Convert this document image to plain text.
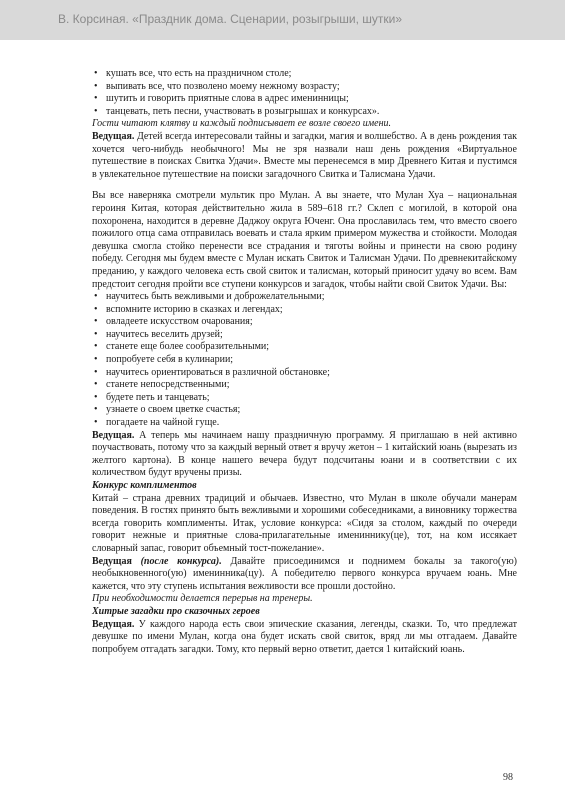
В. Корсиная. «Праздник дома. Сценарии, розыгрыши, шутки»
• кушать все, что есть на праздничном столе;
• выпивать все, что позволено моему нежному возрасту;
• шутить и говорить приятные слова в адрес именинницы;
• танцевать, петь песни, участвовать в розыгрышах и конкурсах».

Гости читают клятву и каждый подписывает ее возле своего имени.

Ведущая. Детей всегда интересовали тайны и загадки, магия и волшебство. А в день рождения так хочется чего-нибудь необычного! Мы не зря назвали наш день рождения «Виртуальное путешествие в поисках Свитка Удачи». Вместе мы перенесемся в мир Древнего Китая и пустимся в увлекательное путешествие на поиски загадочного Свитка и Талисмана Удачи.

Вы все наверняка смотрели мультик про Мулан. А вы знаете, что Мулан Хуа – национальная героиня Китая, которая действительно жила в 589–618 гг.? Склеп с могилой, в которой она похоронена, находится в деревне Даджоу округа Юченг. Она прославилась тем, что вместо своего пожилого отца сама отправилась воевать и стала ярким примером мужества и стойкости. Молодая девушка смогла стойко перенести все страдания и тяготы войны и принести на свою родину победу. Сегодня мы будем вместе с Мулан искать Свиток и Талисман Удачи. По древнекитайскому преданию, у каждого человека есть свой свиток и талисман, который приносит удачу во всем. Вам предстоит сегодня пройти все ступени конкурсов и загадок, чтобы найти свой Свиток Удачи. Вы:

• научитесь быть вежливыми и доброжелательными;
• вспомните историю в сказках и легендах;
• овладеете искусством очарования;
• научитесь веселить друзей;
• станете еще более сообразительными;
• попробуете себя в кулинарии;
• научитесь ориентироваться в различной обстановке;
• станете непосредственными;
• будете петь и танцевать;
• узнаете о своем цветке счастья;
• погадаете на чайной гуще.

Ведущая. А теперь мы начинаем нашу праздничную программу. Я приглашаю в ней активно поучаствовать, потому что за каждый верный ответ я вручу жетон – 1 китайский юань (вырезать из желтого картона). В конце нашего вечера будут подсчитаны юани и в соответствии с их количеством будут вручены призы.

Конкурс комплиментов

Китай – страна древних традиций и обычаев. Известно, что Мулан в школе обучали манерам поведения. В гостях принято быть вежливыми и хорошими собеседниками, а виновнику торжества всегда говорить комплименты. Итак, условие конкурса: «Сидя за столом, каждый по очереди говорит нежные и приятные слова-прилагательные имениннику(це), тот, на ком иссякает словарный запас, говорит объемный тост-пожелание».

Ведущая (после конкурса). Давайте присоединимся и поднимем бокалы за такого(ую) необыкновенного(ую) именинника(цу). А победителю первого конкурса вручаем юань. Мне кажется, что эту ступень испытания вежливости все прошли достойно.

При необходимости делается перерыв на тренеры.

Хитрые загадки про сказочных героев

Ведущая. У каждого народа есть свои эпические сказания, легенды, сказки. То, что предлежат девушке по имени Мулан, когда она будет искать свой свиток, вряд ли мы отгадаем. Давайте попробуем отгадать загадки. Тому, кто первый верно ответит, дается 1 китайский юань.

98
